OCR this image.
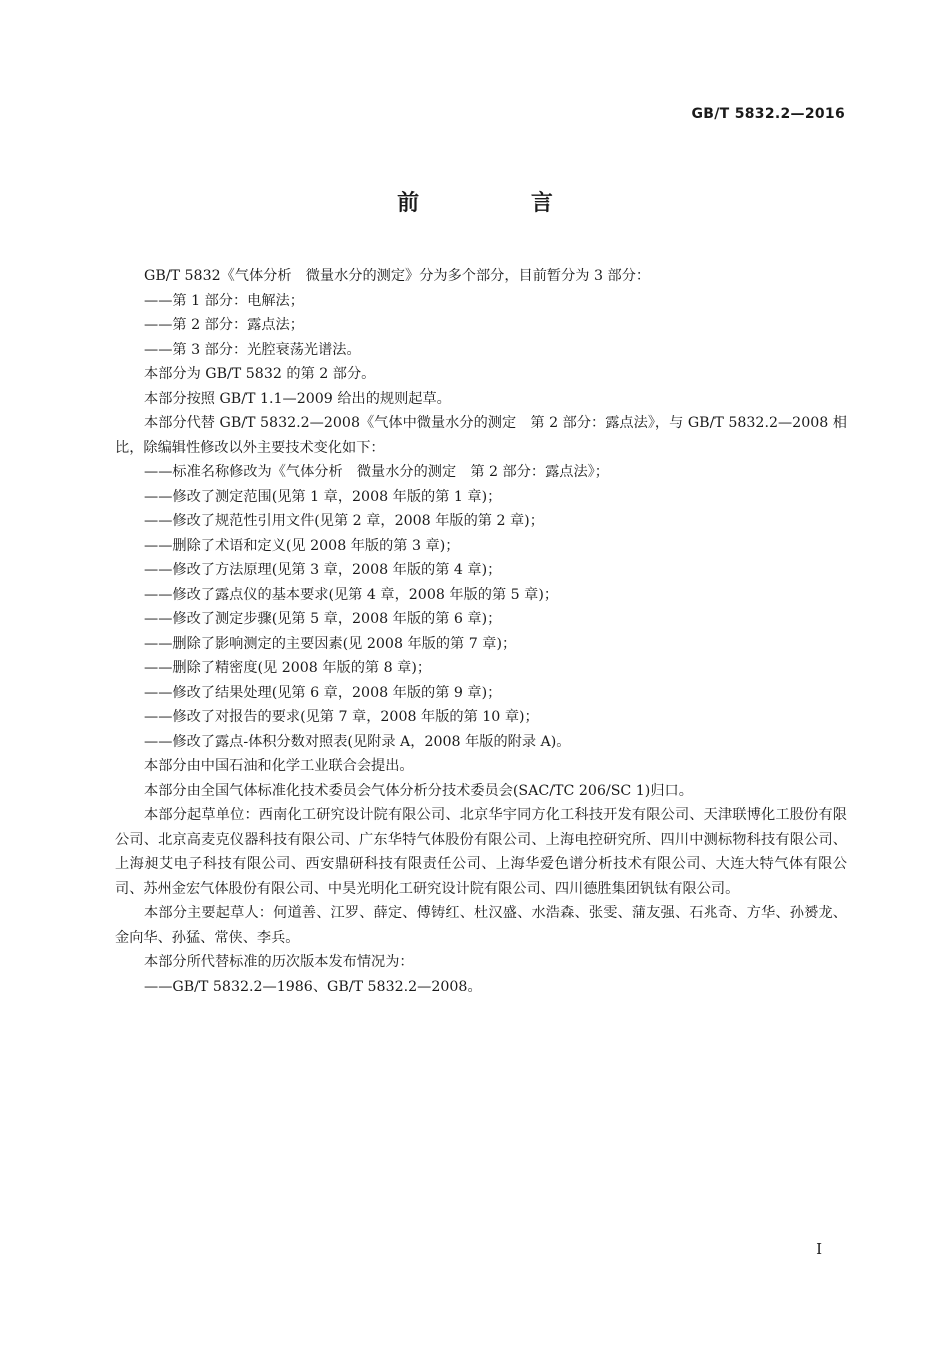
GB/T 5832.2—2016
前 言

GB/T 5832《气体分析　微量水分的测定》分为多个部分，目前暂分为 3 部分：

——第 1 部分：电解法；

——第 2 部分：露点法；

——第 3 部分：光腔衰荡光谱法。

本部分为 GB/T 5832 的第 2 部分。

本部分按照 GB/T 1.1—2009 给出的规则起草。

本部分代替 GB/T 5832.2—2008《气体中微量水分的测定　第 2 部分：露点法》，与 GB/T 5832.2—2008 相比，除编辑性修改以外主要技术变化如下：

——标准名称修改为《气体分析　微量水分的测定　第 2 部分：露点法》；

——修改了测定范围(见第 1 章，2008 年版的第 1 章)；

——修改了规范性引用文件(见第 2 章，2008 年版的第 2 章)；

——删除了术语和定义(见 2008 年版的第 3 章)；

——修改了方法原理(见第 3 章，2008 年版的第 4 章)；

——修改了露点仪的基本要求(见第 4 章，2008 年版的第 5 章)；

——修改了测定步骤(见第 5 章，2008 年版的第 6 章)；

——删除了影响测定的主要因素(见 2008 年版的第 7 章)；

——删除了精密度(见 2008 年版的第 8 章)；

——修改了结果处理(见第 6 章，2008 年版的第 9 章)；

——修改了对报告的要求(见第 7 章，2008 年版的第 10 章)；

——修改了露点-体积分数对照表(见附录 A，2008 年版的附录 A)。

本部分由中国石油和化学工业联合会提出。

本部分由全国气体标准化技术委员会气体分析分技术委员会(SAC/TC 206/SC 1)归口。

本部分起草单位：西南化工研究设计院有限公司、北京华宇同方化工科技开发有限公司、天津联博化工股份有限公司、北京高麦克仪器科技有限公司、广东华特气体股份有限公司、上海电控研究所、四川中测标物科技有限公司、上海昶艾电子科技有限公司、西安鼎研科技有限责任公司、上海华爱色谱分析技术有限公司、大连大特气体有限公司、苏州金宏气体股份有限公司、中昊光明化工研究设计院有限公司、四川德胜集团钒钛有限公司。

本部分主要起草人：何道善、江罗、薛定、傅铸红、杜汉盛、水浩森、张雯、蒲友强、石兆奇、方华、孙赟龙、金向华、孙猛、常侠、李兵。

本部分所代替标准的历次版本发布情况为：

——GB/T 5832.2—1986、GB/T 5832.2—2008。

I
